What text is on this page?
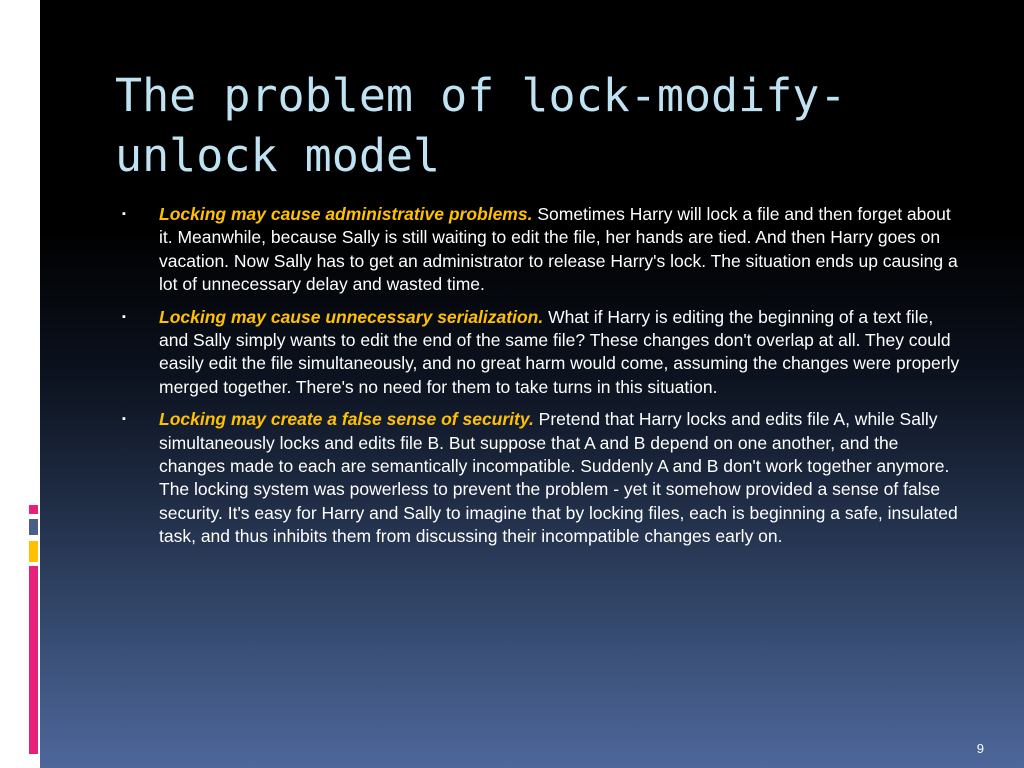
The problem of lock-modify-unlock model
▪ Locking may cause administrative problems. Sometimes Harry will lock a file and then forget about it. Meanwhile, because Sally is still waiting to edit the file, her hands are tied. And then Harry goes on vacation. Now Sally has to get an administrator to release Harry's lock. The situation ends up causing a lot of unnecessary delay and wasted time.
▪ Locking may cause unnecessary serialization. What if Harry is editing the beginning of a text file, and Sally simply wants to edit the end of the same file? These changes don't overlap at all. They could easily edit the file simultaneously, and no great harm would come, assuming the changes were properly merged together. There's no need for them to take turns in this situation.
▪ Locking may create a false sense of security. Pretend that Harry locks and edits file A, while Sally simultaneously locks and edits file B. But suppose that A and B depend on one another, and the changes made to each are semantically incompatible. Suddenly A and B don't work together anymore. The locking system was powerless to prevent the problem - yet it somehow provided a sense of false security. It's easy for Harry and Sally to imagine that by locking files, each is beginning a safe, insulated task, and thus inhibits them from discussing their incompatible changes early on.
9
